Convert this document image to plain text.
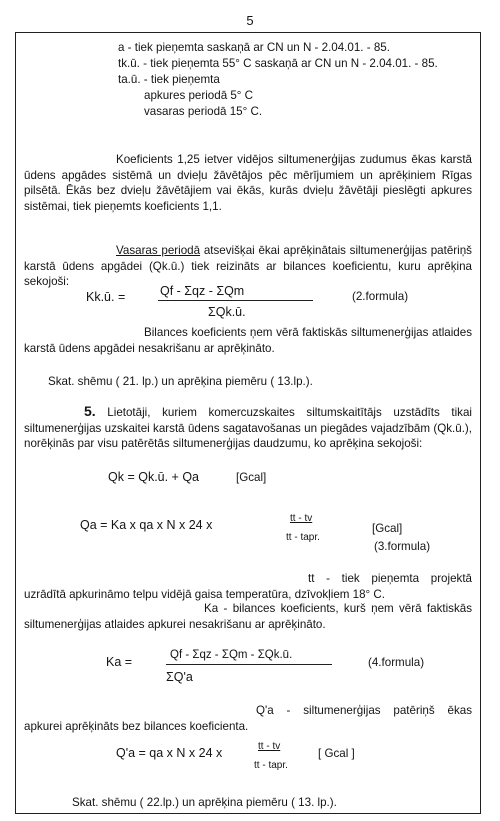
5
a - tiek pieņemta saskaņā ar CN un N - 2.04.01. - 85.
tk.ū. - tiek pieņemta 55° C saskaņā ar CN un N - 2.04.01. - 85.
ta.ū. - tiek pieņemta
apkures periodā 5° C
vasaras periodā 15° C.
Koeficients 1,25 ietver vidējos siltumenerģijas zudumus ēkas karstā ūdens apgādes sistēmā un dvieļu žāvētājos pēc mērījumiem un aprēķiniem Rīgas pilsētā. Ēkās bez dvieļu žāvētājiem vai ēkās, kurās dvieļu žāvētāji pieslēgti apkures sistēmai, tiek pieņemts koeficients 1,1.
Vasaras periodā atsevišķai ēkai aprēķinātais siltumenerģijas patēriņš karstā ūdens apgādei (Qk.ū.) tiek reizināts ar bilances koeficientu, kuru aprēķina sekojoši:
Kk.ū. =	Qf - Σqz - ΣQm
ΣQk.ū.
(2.formula)
Bilances koeficients ņem vērā faktiskās siltumenerģijas atlaides karstā ūdens apgādei nesakrišanu ar aprēķināto.
Skat. shēmu ( 21. lp.) un aprēķina piemēru ( 13.lp.).
5. Lietotāji, kuriem komercuzskaites siltumskaitītājs uzstādīts tikai siltumenerģijas uzskaitei karstā ūdens sagatavošanas un piegādes vajadzībām (Qk.ū.), norēķinās par visu patērētās siltumenerģijas daudzumu, ko aprēķina sekojoši:
Qk = Qk.ū. + Qa	[Gcal]
Qa = Ka x qa x N x 24 x	tt - tv
tt - tapr.
[Gcal]
(3.formula)
tt - tiek pieņemta projektā uzrādītā apkurināmo telpu vidējā gaisa temperatūra, dzīvokļiem 18° C.
Ka - bilances koeficients, kurš ņem vērā faktiskās siltumenerģijas atlaides apkurei nesakrišanu ar aprēķināto.
Ka =	Qf - Σqz - ΣQm - ΣQk.ū.
ΣQ'a
(4.formula)
Q'a - siltumenerģijas patēriņš ēkas apkurei aprēķināts bez bilances koeficienta.
Q'a = qa x N x 24 x	tt - tv
tt - tapr.
[ Gcal ]
Skat. shēmu ( 22.lp.) un aprēķina piemēru ( 13. lp.).
